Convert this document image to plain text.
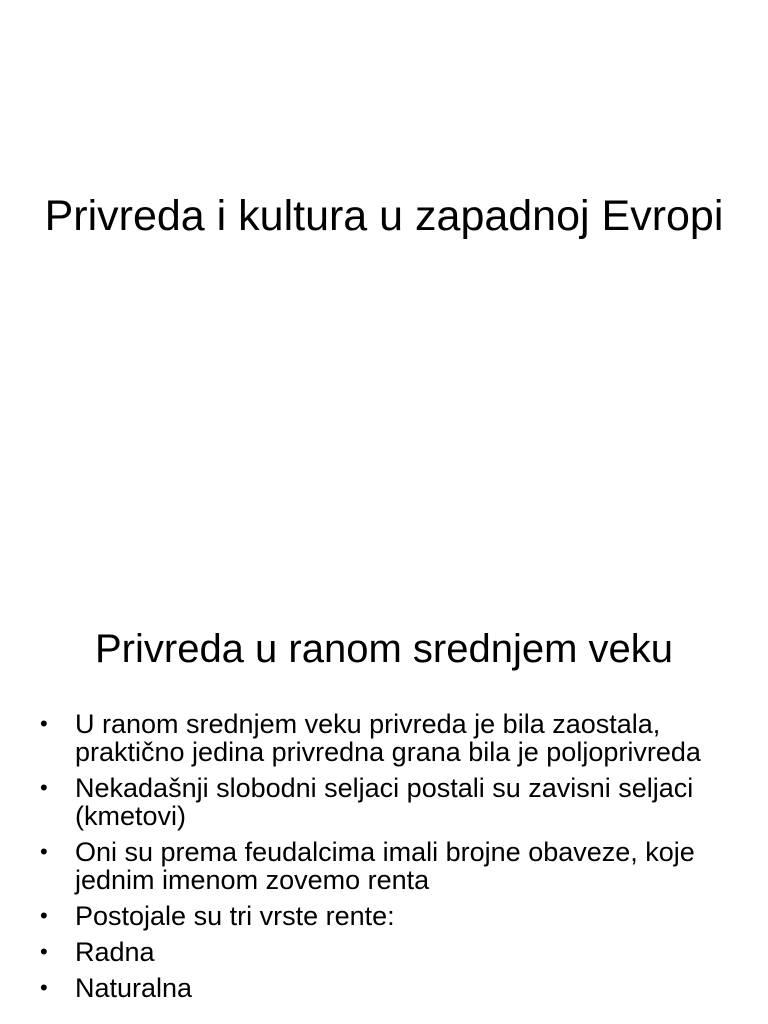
Privreda i kultura u zapadnoj Evropi
Privreda u ranom srednjem veku
• U ranom srednjem veku privreda je bila zaostala, praktično jedina privredna grana bila je poljoprivreda
• Nekadašnji slobodni seljaci postali su zavisni seljaci (kmetovi)
• Oni su prema feudalcima imali brojne obaveze, koje jednim imenom zovemo renta
• Postojale su tri vrste rente:
• Radna
• Naturalna
